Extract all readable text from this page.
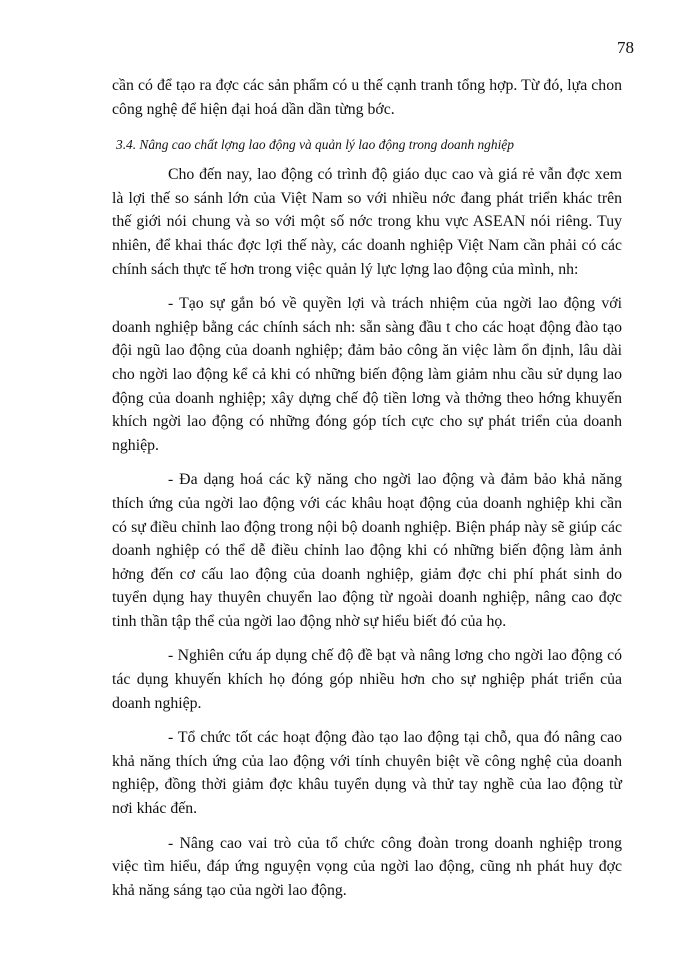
78

cần có để tạo ra đợc các sản phẩm có u thế cạnh tranh tổng hợp. Từ đó, lựa chon công nghệ để hiện đại hoá dần dần từng bớc.

3.4. Nâng cao chất lợng lao động và quản lý lao động trong doanh nghiệp

Cho đến nay, lao động có trình độ giáo dục cao và giá rẻ vẫn đợc xem là lợi thế so sánh lớn của Việt Nam so với nhiều nớc đang phát triển khác trên thế giới nói chung và so với một số nớc trong khu vực ASEAN nói riêng. Tuy nhiên, để khai thác đợc lợi thế này, các doanh nghiệp Việt Nam cần phải có các chính sách thực tế hơn trong việc quản lý lực lợng lao động của mình, nh:

- Tạo sự gắn bó về quyền lợi và trách nhiệm của ngời lao động với doanh nghiệp bằng các chính sách nh: sẵn sàng đầu t cho các hoạt động đào tạo đội ngũ lao động của doanh nghiệp; đảm bảo công ăn việc làm ổn định, lâu dài cho ngời lao động kể cả khi có những biến động làm giảm nhu cầu sử dụng lao động của doanh nghiệp; xây dựng chế độ tiền lơng và thởng theo hớng khuyến khích ngời lao động có những đóng góp tích cực cho sự phát triển của doanh nghiệp.

- Đa dạng hoá các kỹ năng cho ngời lao động và đảm bảo khả năng thích ứng của ngời lao động với các khâu hoạt động của doanh nghiệp khi cần có sự điều chỉnh lao động trong nội bộ doanh nghiệp. Biện pháp này sẽ giúp các doanh nghiệp có thể dễ điều chỉnh lao động khi có những biến động làm ảnh hởng đến cơ cấu lao động của doanh nghiệp, giảm đợc chi phí phát sinh do tuyển dụng hay thuyên chuyển lao động từ ngoài doanh nghiệp, nâng cao đợc tinh thần tập thể của ngời lao động nhờ sự hiểu biết đó của họ.

- Nghiên cứu áp dụng chế độ đề bạt và nâng lơng cho ngời lao động có tác dụng khuyến khích họ đóng góp nhiều hơn cho sự nghiệp phát triển của doanh nghiệp.

- Tổ chức tốt các hoạt động đào tạo lao động tại chỗ, qua đó nâng cao khả năng thích ứng của lao động với tính chuyên biệt về công nghệ của doanh nghiệp, đồng thời giảm đợc khâu tuyển dụng và thử tay nghề của lao động từ nơi khác đến.

- Nâng cao vai trò của tổ chức công đoàn trong doanh nghiệp trong việc tìm hiểu, đáp ứng nguyện vọng của ngời lao động, cũng nh phát huy đợc khả năng sáng tạo của ngời lao động.
